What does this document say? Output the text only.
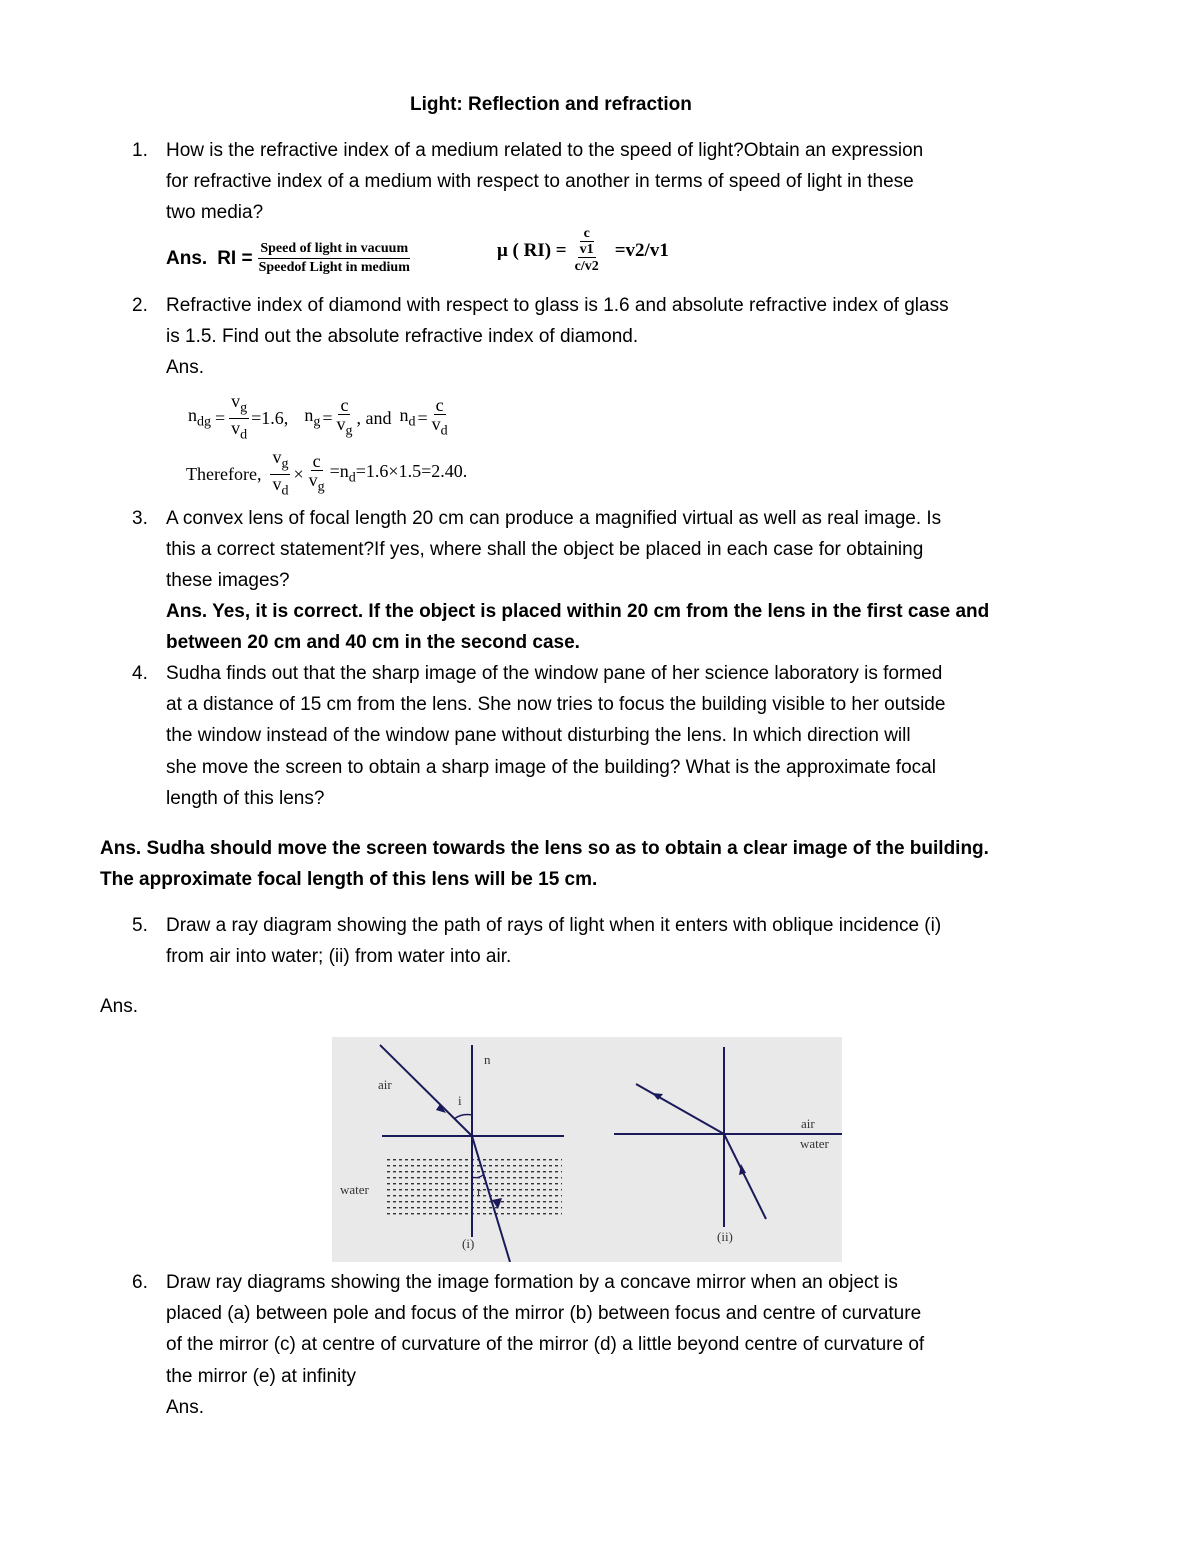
Light: Reflection and refraction
1. How is the refractive index of a medium related to the speed of light?Obtain an expression
for refractive index of a medium with respect to another in terms of speed of light in these
two media?
Ans. RI = $\frac{\text{Speed of light in vacuum}}{\text{Speedof Light in medium}}$	μ ( RI) = c
v1
c/v2 =v2/v1
2. Refractive index of diamond with respect to glass is 1.6 and absolute refractive index of glass
is 1.5. Find out the absolute refractive index of diamond.
Ans.
$n_{dg} = \frac{v_g}{v_d} =1.6$, $n_g = \frac{c}{v_g}$ , and $n_d = \frac{c}{v_d}$
Therefore, $\frac{v_g}{v_d} \times \frac{c}{v_g} =n_d=1.6\times 1.5=2.40$.
3. A convex lens of focal length 20 cm can produce a magnified virtual as well as real image. Is
this a correct statement?If yes, where shall the object be placed in each case for obtaining
these images?
Ans. Yes, it is correct. If the object is placed within 20 cm from the lens in the first case and
between 20 cm and 40 cm in the second case.
4. Sudha finds out that the sharp image of the window pane of her science laboratory is formed
at a distance of 15 cm from the lens. She now tries to focus the building visible to her outside
the window instead of the window pane without disturbing the lens. In which direction will
she move the screen to obtain a sharp image of the building? What is the approximate focal
length of this lens?
Ans. Sudha should move the screen towards the lens so as to obtain a clear image of the building.
The approximate focal length of this lens will be 15 cm.
5. Draw a ray diagram showing the path of rays of light when it enters with oblique incidence (i)
from air into water; (ii) from water into air.
Ans.
air
n
i
r
water
(i)
air
water
(ii)
6. Draw ray diagrams showing the image formation by a concave mirror when an object is
placed (a) between pole and focus of the mirror (b) between focus and centre of curvature
of the mirror (c) at centre of curvature of the mirror (d) a little beyond centre of curvature of
the mirror (e) at infinity
Ans.
